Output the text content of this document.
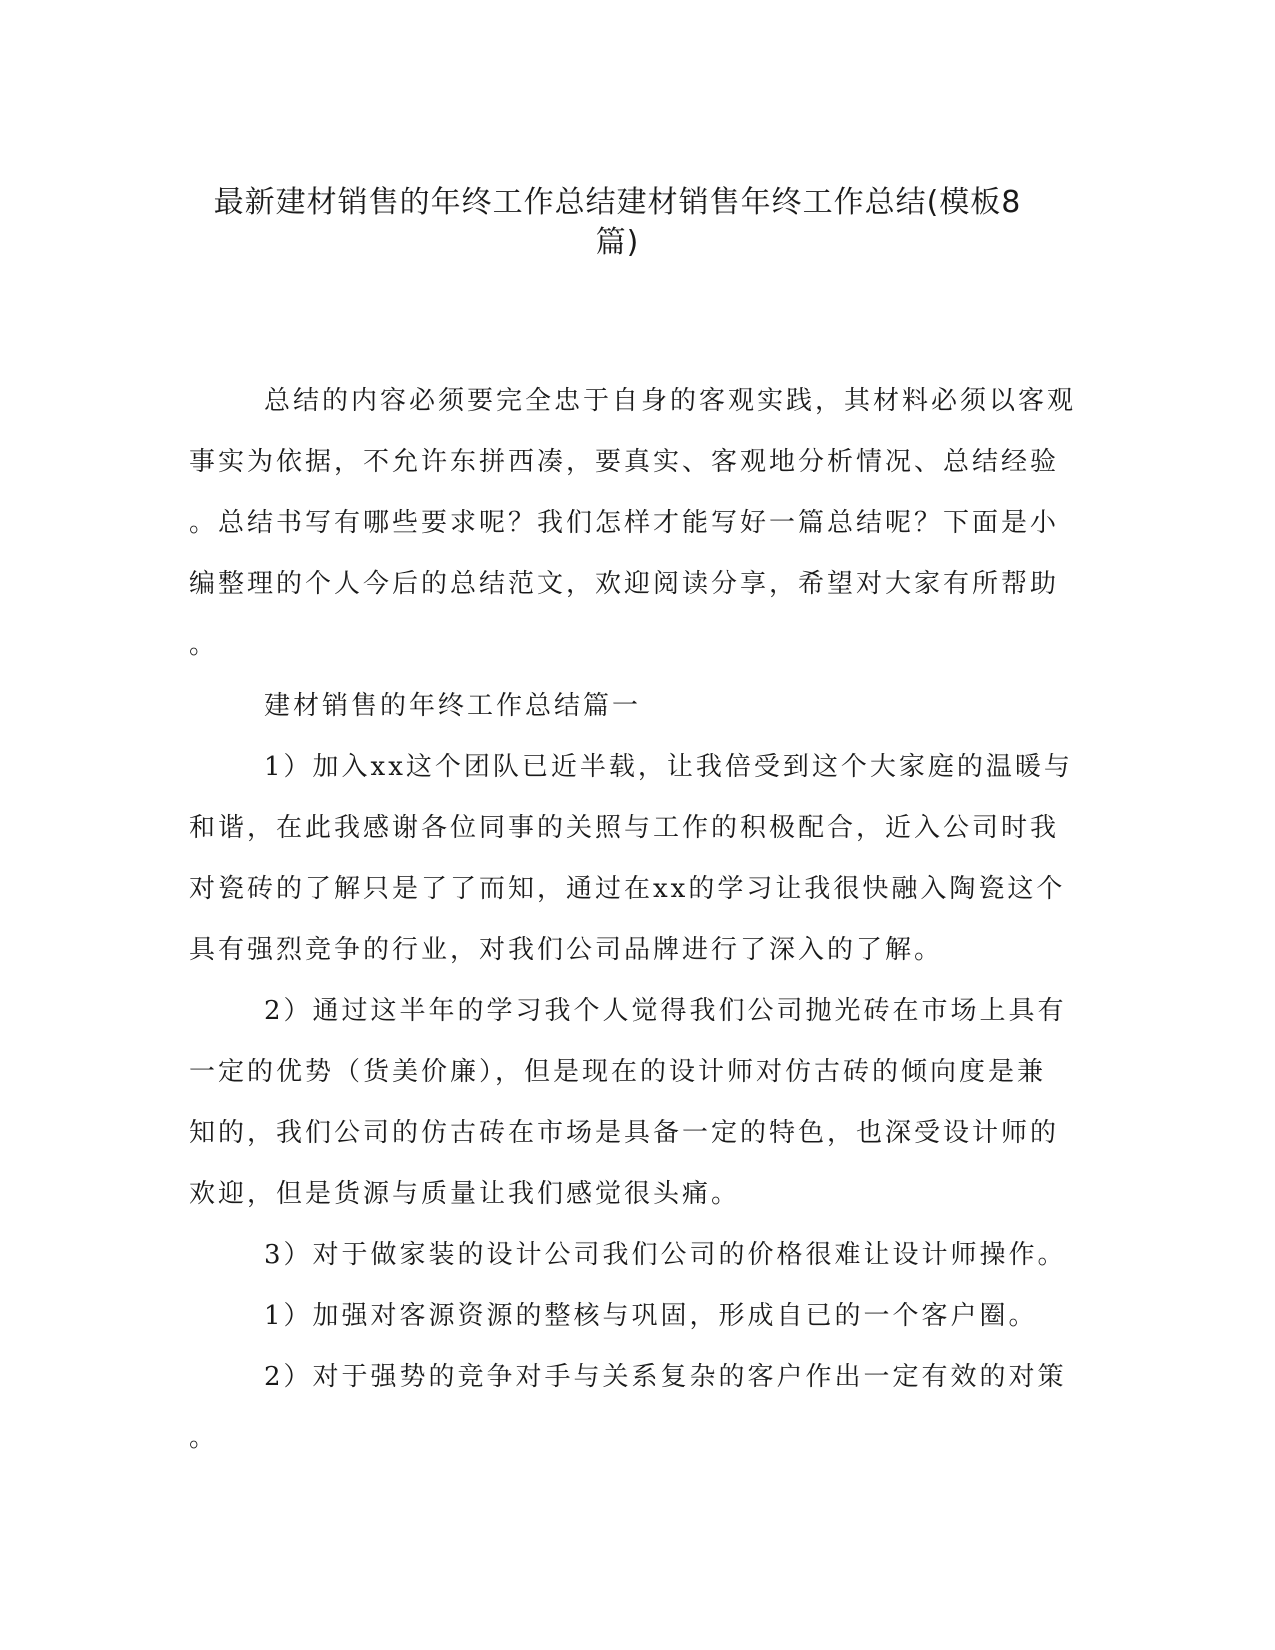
最新建材销售的年终工作总结建材销售年终工作总结(模板8
篇)
总结的内容必须要完全忠于自身的客观实践，其材料必须以客观
事实为依据，不允许东拼西凑，要真实、客观地分析情况、总结经验
。总结书写有哪些要求呢？我们怎样才能写好一篇总结呢？下面是小
编整理的个人今后的总结范文，欢迎阅读分享，希望对大家有所帮助
。
建材销售的年终工作总结篇一
1）加入xx这个团队已近半载，让我倍受到这个大家庭的温暖与
和谐，在此我感谢各位同事的关照与工作的积极配合，近入公司时我
对瓷砖的了解只是了了而知，通过在xx的学习让我很快融入陶瓷这个
具有强烈竞争的行业，对我们公司品牌进行了深入的了解。
2）通过这半年的学习我个人觉得我们公司抛光砖在市场上具有
一定的优势（货美价廉），但是现在的设计师对仿古砖的倾向度是兼
知的，我们公司的仿古砖在市场是具备一定的特色，也深受设计师的
欢迎，但是货源与质量让我们感觉很头痛。
3）对于做家装的设计公司我们公司的价格很难让设计师操作。
1）加强对客源资源的整核与巩固，形成自已的一个客户圈。
2）对于强势的竞争对手与关系复杂的客户作出一定有效的对策
。
